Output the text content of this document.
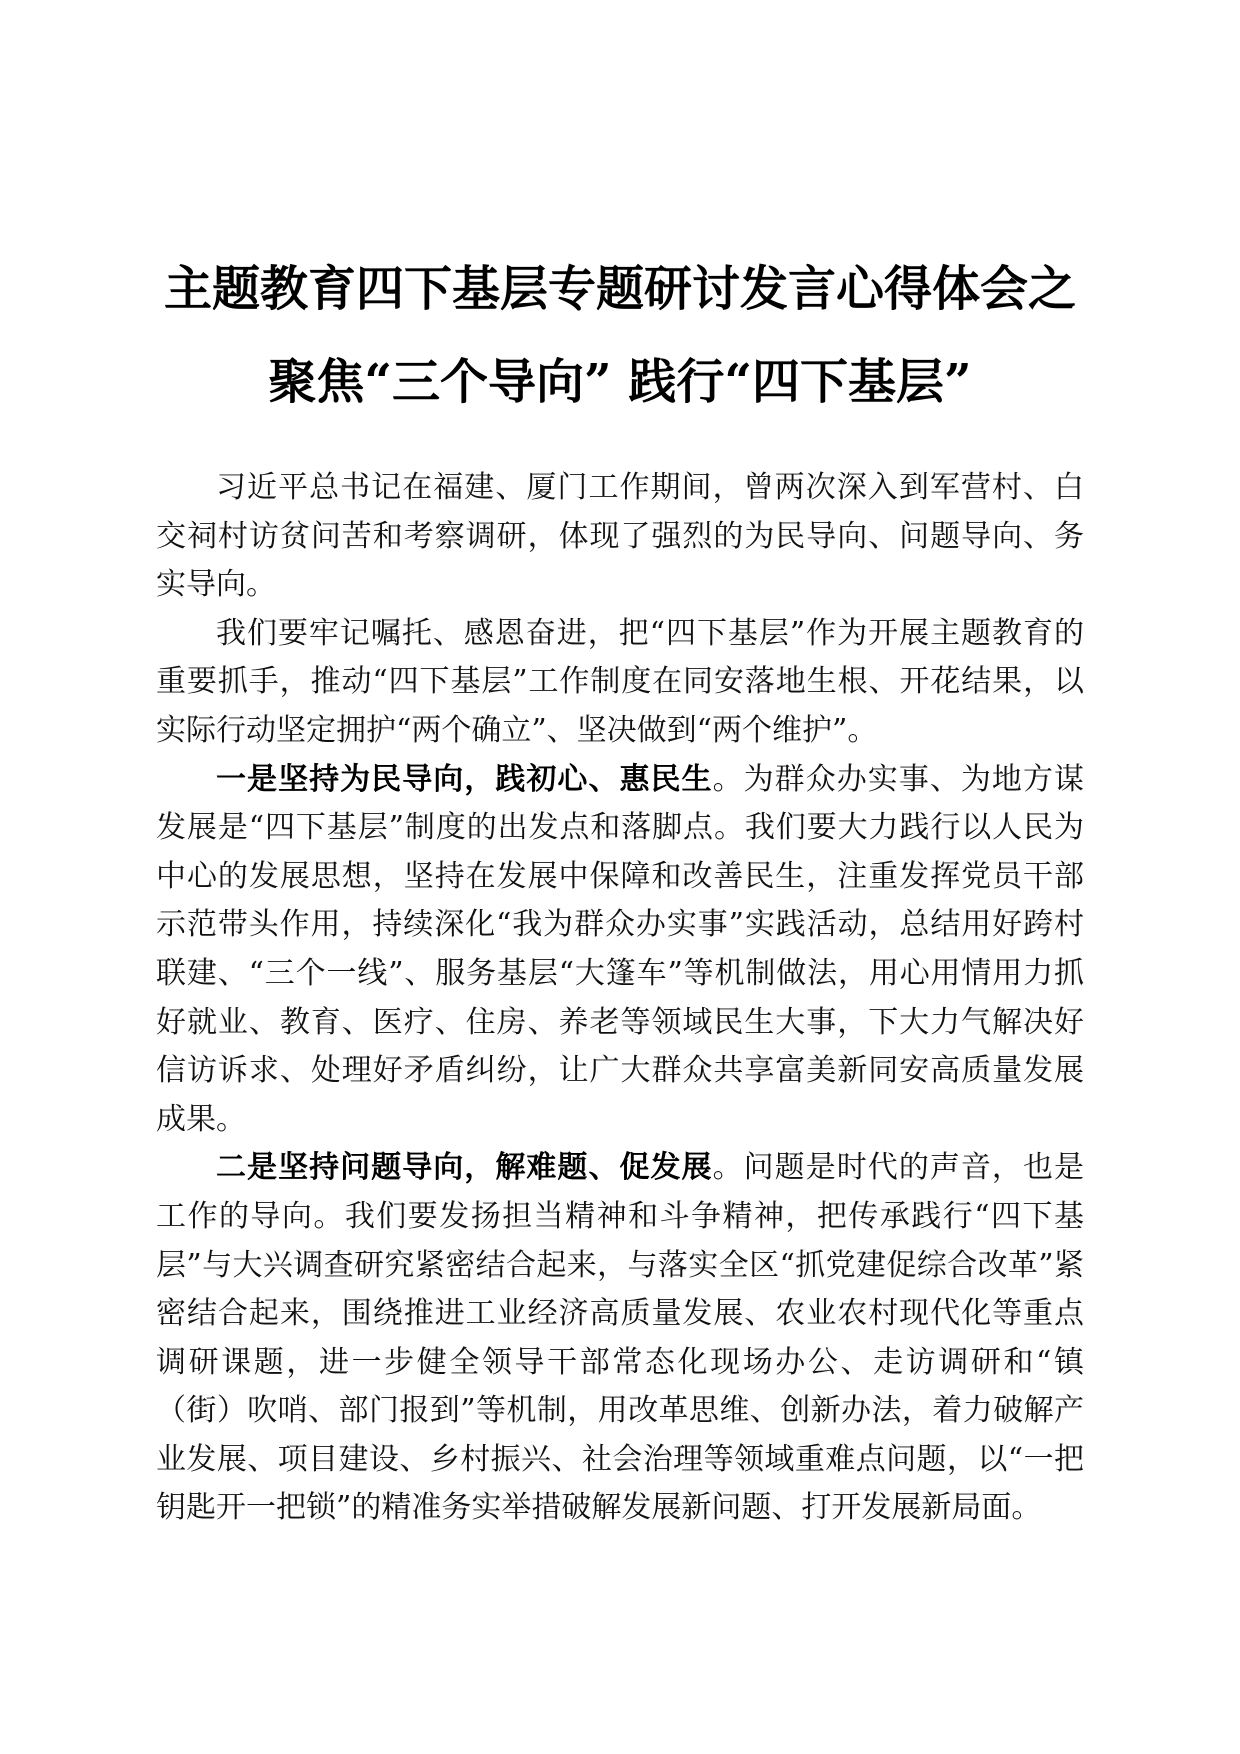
主题教育四下基层专题研讨发言心得体会之聚焦“三个导向” 践行“四下基层”

习近平总书记在福建、厦门工作期间，曾两次深入到军营村、白交祠村访贫问苦和考察调研，体现了强烈的为民导向、问题导向、务实导向。

我们要牢记嘱托、感恩奋进，把“四下基层”作为开展主题教育的重要抓手，推动“四下基层”工作制度在同安落地生根、开花结果，以实际行动坚定拥护“两个确立”、坚决做到“两个维护”。

一是坚持为民导向，践初心、惠民生。为群众办实事、为地方谋发展是“四下基层”制度的出发点和落脚点。我们要大力践行以人民为中心的发展思想，坚持在发展中保障和改善民生，注重发挥党员干部示范带头作用，持续深化“我为群众办实事”实践活动，总结用好跨村联建、“三个一线”、服务基层“大篷车”等机制做法，用心用情用力抓好就业、教育、医疗、住房、养老等领域民生大事，下大力气解决好信访诉求、处理好矛盾纠纷，让广大群众共享富美新同安高质量发展成果。

二是坚持问题导向，解难题、促发展。问题是时代的声音，也是工作的导向。我们要发扬担当精神和斗争精神，把传承践行“四下基层”与大兴调查研究紧密结合起来，与落实全区“抓党建促综合改革”紧密结合起来，围绕推进工业经济高质量发展、农业农村现代化等重点调研课题，进一步健全领导干部常态化现场办公、走访调研和“镇（街）吹哨、部门报到”等机制，用改革思维、创新办法，着力破解产业发展、项目建设、乡村振兴、社会治理等领域重难点问题，以“一把钥匙开一把锁”的精准务实举措破解发展新问题、打开发展新局面。
